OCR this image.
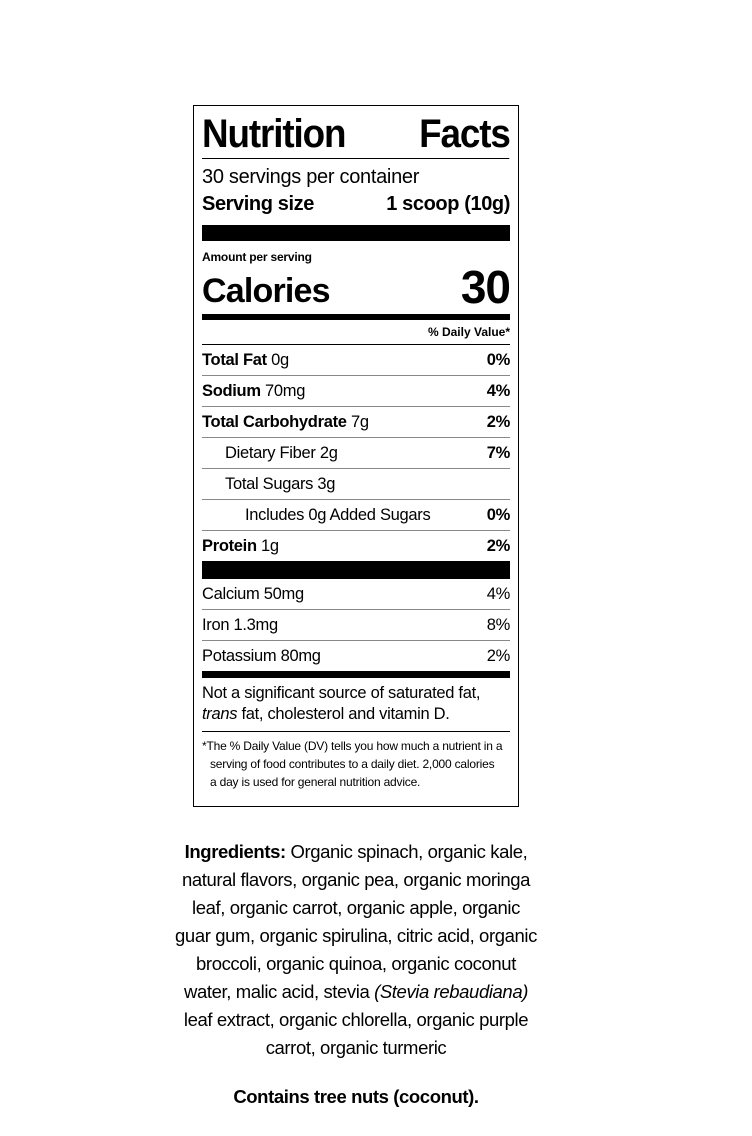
Nutrition Facts
30 servings per container
Serving size	1 scoop (10g)
Amount per serving
Calories	30
% Daily Value*
Total Fat 0g	0%
Sodium 70mg	4%
Total Carbohydrate 7g	2%
Dietary Fiber 2g	7%
Total Sugars 3g
Includes 0g Added Sugars	0%
Protein 1g	2%
Calcium 50mg	4%
Iron 1.3mg	8%
Potassium 80mg	2%
Not a significant source of saturated fat,
trans fat, cholesterol and vitamin D.
*The % Daily Value (DV) tells you how much a nutrient in a
serving of food contributes to a daily diet. 2,000 calories
a day is used for general nutrition advice.
Ingredients: Organic spinach, organic kale, natural flavors, organic pea, organic moringa leaf, organic carrot, organic apple, organic guar gum, organic spirulina, citric acid, organic broccoli, organic quinoa, organic coconut water, malic acid, stevia (Stevia rebaudiana) leaf extract, organic chlorella, organic purple carrot, organic turmeric
Contains tree nuts (coconut).
